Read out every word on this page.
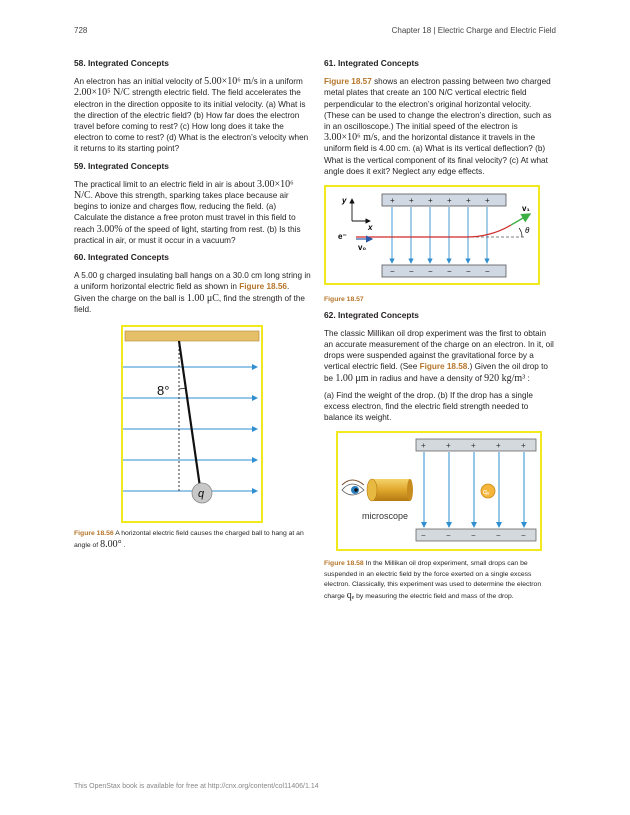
728	Chapter 18 | Electric Charge and Electric Field
58. Integrated Concepts

An electron has an initial velocity of 5.00×10⁶ m/s in a uniform 2.00×10⁵ N/C strength electric field. The field accelerates the electron in the direction opposite to its initial velocity. (a) What is the direction of the electric field? (b) How far does the electron travel before coming to rest? (c) How long does it take the electron to come to rest? (d) What is the electron’s velocity when it returns to its starting point?

59. Integrated Concepts

The practical limit to an electric field in air is about 3.00×10⁶ N/C. Above this strength, sparking takes place because air begins to ionize and charges flow, reducing the field. (a) Calculate the distance a free proton must travel in this field to reach 3.00% of the speed of light, starting from rest. (b) Is this practical in air, or must it occur in a vacuum?

60. Integrated Concepts

A 5.00 g charged insulating ball hangs on a 30.0 cm long string in a uniform horizontal electric field as shown in Figure 18.56. Given the charge on the ball is 1.00 μC, find the strength of the field.

8°
q
Figure 18.56 A horizontal electric field causes the charged ball to hang at an angle of 8.00° .
61. Integrated Concepts

Figure 18.57 shows an electron passing between two charged metal plates that create an 100 N/C vertical electric field perpendicular to the electron’s original horizontal velocity. (These can be used to change the electron’s direction, such as in an oscilloscope.) The initial speed of the electron is 3.00×10⁶ m/s, and the horizontal distance it travels in the uniform field is 4.00 cm. (a) What is its vertical deflection? (b) What is the vertical component of its final velocity? (c) At what angle does it exit? Neglect any edge effects.

+ + + + + +
− − − − − −
y
x
e⁻
v₀
v₁
θ
Figure 18.57
62. Integrated Concepts

The classic Millikan oil drop experiment was the first to obtain an accurate measurement of the charge on an electron. In it, oil drops were suspended against the gravitational force by a vertical electric field. (See Figure 18.58.) Given the oil drop to be 1.00 μm in radius and have a density of 920 kg/m³ :

(a) Find the weight of the drop. (b) If the drop has a single excess electron, find the electric field strength needed to balance its weight.

+	+	+	+	+
−	−	−	−	−
qₑ
microscope
Figure 18.58 In the Millikan oil drop experiment, small drops can be suspended in an electric field by the force exerted on a single excess electron. Classically, this experiment was used to determine the electron charge qₑ by measuring the electric field and mass of the drop.
This OpenStax book is available for free at http://cnx.org/content/col11406/1.14
